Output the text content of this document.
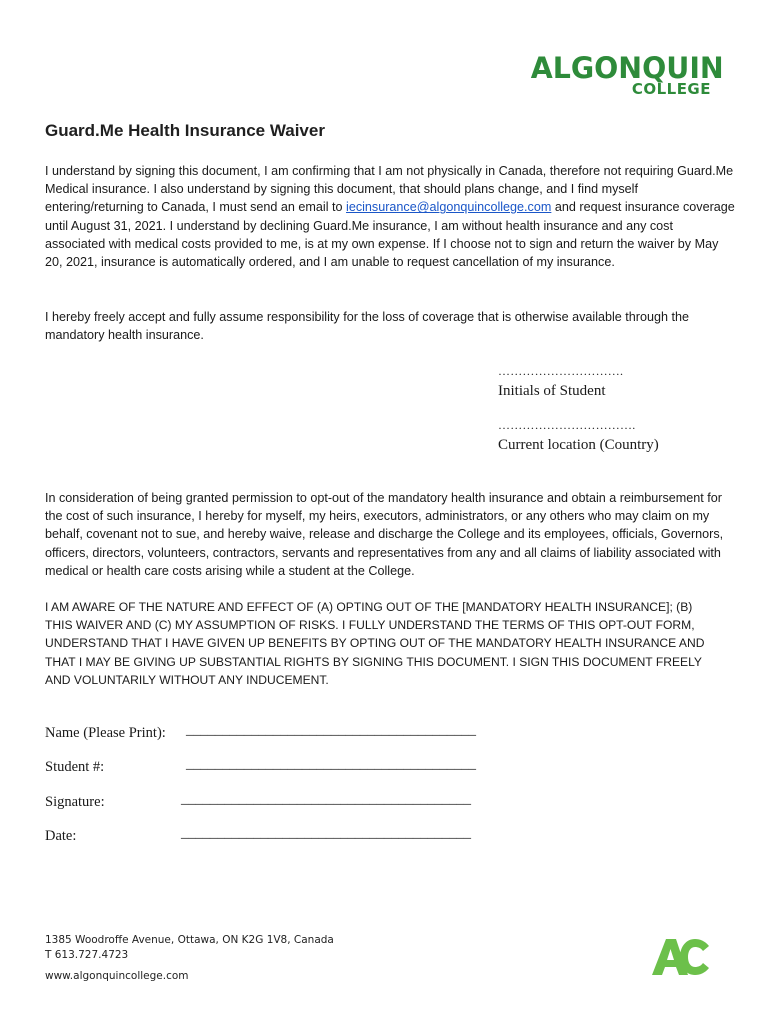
ALGONQUIN
COLLEGE
Guard.Me Health Insurance Waiver

I understand by signing this document, I am confirming that I am not physically in Canada, therefore not requiring Guard.Me Medical insurance. I also understand by signing this document, that should plans change, and I find myself entering/returning to Canada, I must send an email to iecinsurance@algonquincollege.com and request insurance coverage until August 31, 2021. I understand by declining Guard.Me insurance, I am without health insurance and any cost associated with medical costs provided to me, is at my own expense. If I choose not to sign and return the waiver by May 20, 2021, insurance is automatically ordered, and I am unable to request cancellation of my insurance.

I hereby freely accept and fully assume responsibility for the loss of coverage that is otherwise available through the mandatory health insurance.

………………………….
Initials of Student
…………………………….
Current location (Country)

In consideration of being granted permission to opt-out of the mandatory health insurance and obtain a reimbursement for the cost of such insurance, I hereby for myself, my heirs, executors, administrators, or any others who may claim on my behalf, covenant not to sue, and hereby waive, release and discharge the College and its employees, officials, Governors, officers, directors, volunteers, contractors, servants and representatives from any and all claims of liability associated with medical or health care costs arising while a student at the College.

I AM AWARE OF THE NATURE AND EFFECT OF (A) OPTING OUT OF THE [MANDATORY HEALTH INSURANCE]; (B) THIS WAIVER AND (C) MY ASSUMPTION OF RISKS. I FULLY UNDERSTAND THE TERMS OF THIS OPT-OUT FORM, UNDERSTAND THAT I HAVE GIVEN UP BENEFITS BY OPTING OUT OF THE MANDATORY HEALTH INSURANCE AND THAT I MAY BE GIVING UP SUBSTANTIAL RIGHTS BY SIGNING THIS DOCUMENT. I SIGN THIS DOCUMENT FREELY AND VOLUNTARILY WITHOUT ANY INDUCEMENT.

Name (Please Print): ________________________________________
Student #:	________________________________________
Signature:	________________________________________
Date:	________________________________________
1385 Woodroffe Avenue, Ottawa, ON K2G 1V8, Canada
T 613.727.4723
www.algonquincollege.com
